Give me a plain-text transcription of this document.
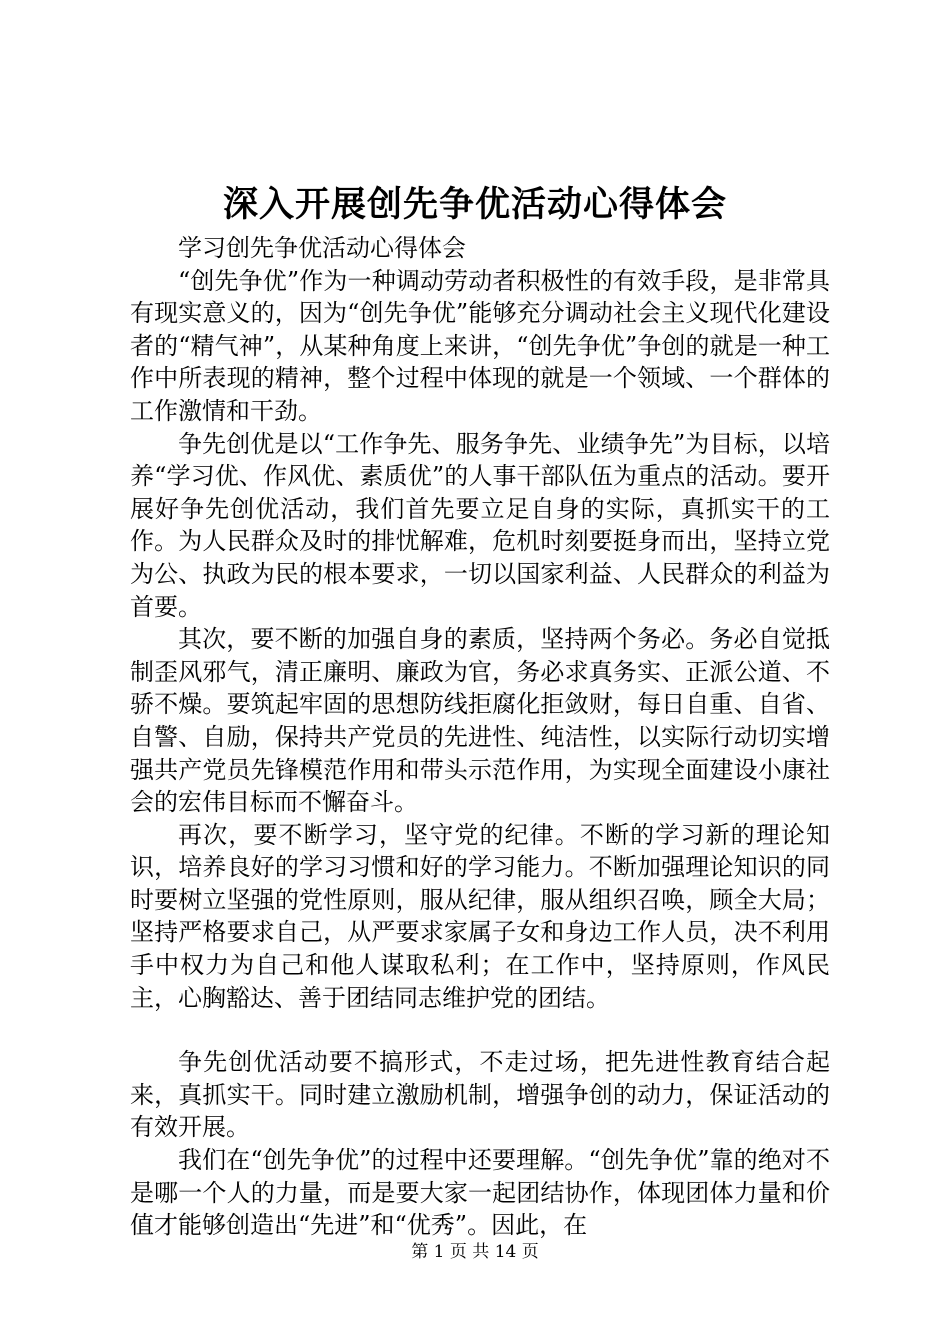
深入开展创先争优活动心得体会

学习创先争优活动心得体会

“创先争优”作为一种调动劳动者积极性的有效手段，是非常具有现实意义的，因为“创先争优”能够充分调动社会主义现代化建设者的“精气神”，从某种角度上来讲，“创先争优”争创的就是一种工作中所表现的精神，整个过程中体现的就是一个领域、一个群体的工作激情和干劲。

争先创优是以“工作争先、服务争先、业绩争先”为目标，以培养“学习优、作风优、素质优”的人事干部队伍为重点的活动。要开展好争先创优活动，我们首先要立足自身的实际，真抓实干的工作。为人民群众及时的排忧解难，危机时刻要挺身而出，坚持立党为公、执政为民的根本要求，一切以国家利益、人民群众的利益为首要。

其次，要不断的加强自身的素质，坚持两个务必。务必自觉抵制歪风邪气，清正廉明、廉政为官，务必求真务实、正派公道、不骄不燥。要筑起牢固的思想防线拒腐化拒敛财，每日自重、自省、自警、自励，保持共产党员的先进性、纯洁性，以实际行动切实增强共产党员先锋模范作用和带头示范作用，为实现全面建设小康社会的宏伟目标而不懈奋斗。

再次，要不断学习，坚守党的纪律。不断的学习新的理论知识，培养良好的学习习惯和好的学习能力。不断加强理论知识的同时要树立坚强的党性原则，服从纪律，服从组织召唤，顾全大局；坚持严格要求自己，从严要求家属子女和身边工作人员，决不利用手中权力为自己和他人谋取私利；在工作中，坚持原则，作风民主，心胸豁达、善于团结同志维护党的团结。

争先创优活动要不搞形式，不走过场，把先进性教育结合起来，真抓实干。同时建立激励机制，增强争创的动力，保证活动的有效开展。

我们在“创先争优”的过程中还要理解。“创先争优”靠的绝对不是哪一个人的力量，而是要大家一起团结协作，体现团体力量和价值才能够创造出“先进”和“优秀”。因此，在

第 1 页 共 14 页
